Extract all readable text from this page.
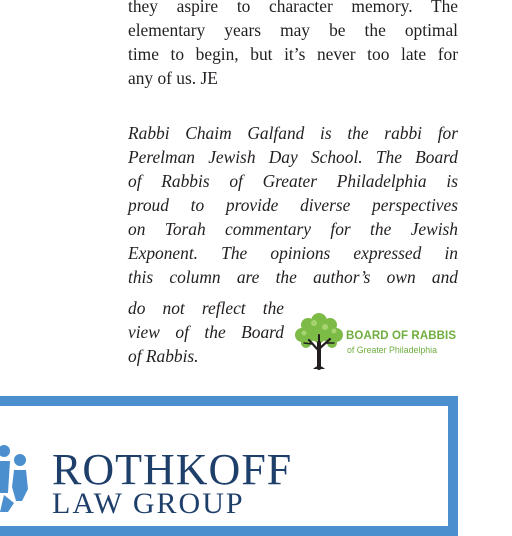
they aspire to character memory. The
elementary years may be the optimal
time to begin, but it’s never too late for
any of us. JE
Rabbi Chaim Galfand is the rabbi for
Perelman Jewish Day School. The Board
of Rabbis of Greater Philadelphia is
proud to provide diverse perspectives
on Torah commentary for the Jewish
Exponent. The opinions expressed in
this column are the author’s own and
do not reflect the
view of the Board
of Rabbis.
BOARD OF RABBIS
of Greater Philadelphia
ROTHKOFF
LAW GROUP
